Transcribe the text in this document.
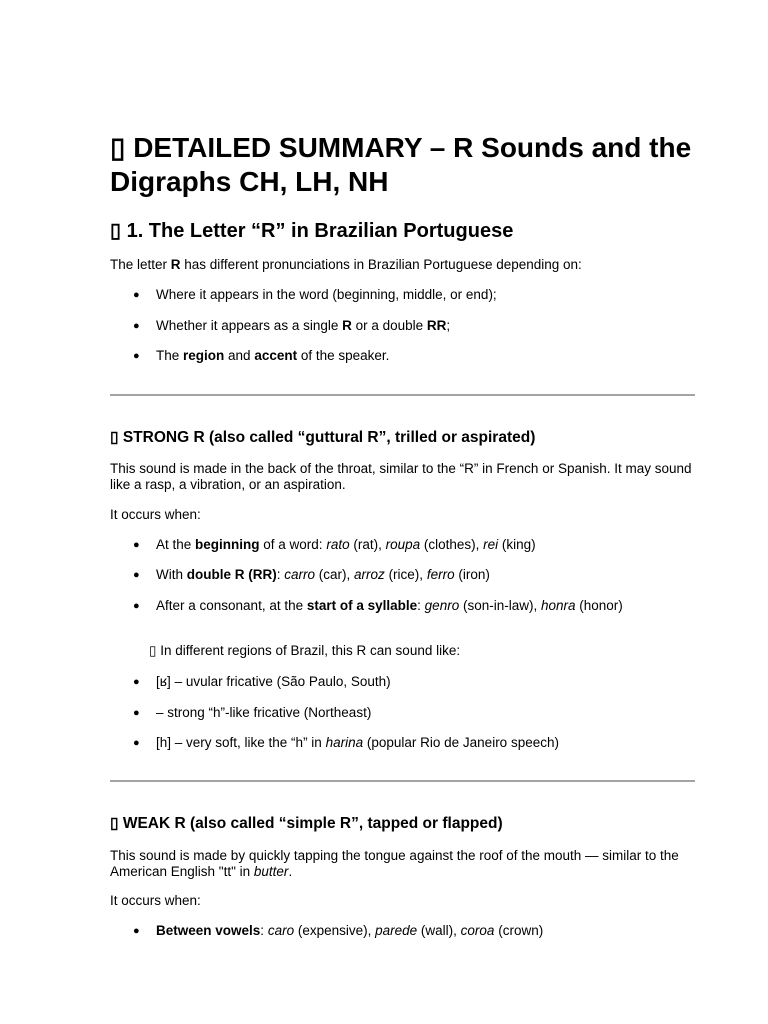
▯ DETAILED SUMMARY – R Sounds and the Digraphs CH, LH, NH
▯ 1. The Letter “R” in Brazilian Portuguese
The letter R has different pronunciations in Brazilian Portuguese depending on:
● Where it appears in the word (beginning, middle, or end);
● Whether it appears as a single R or a double RR;
● The region and accent of the speaker.
▯ STRONG R (also called “guttural R”, trilled or aspirated)
This sound is made in the back of the throat, similar to the “R” in French or Spanish. It may sound like a rasp, a vibration, or an aspiration.
It occurs when:
● At the beginning of a word: rato (rat), roupa (clothes), rei (king)
● With double R (RR): carro (car), arroz (rice), ferro (iron)
● After a consonant, at the start of a syllable: genro (son-in-law), honra (honor)
▯ In different regions of Brazil, this R can sound like:
● [ʁ] – uvular fricative (São Paulo, South)
● – strong “h”-like fricative (Northeast)
● [h] – very soft, like the “h” in harina (popular Rio de Janeiro speech)
▯ WEAK R (also called “simple R”, tapped or flapped)
This sound is made by quickly tapping the tongue against the roof of the mouth — similar to the American English "tt" in butter.
It occurs when:
● Between vowels: caro (expensive), parede (wall), coroa (crown)
